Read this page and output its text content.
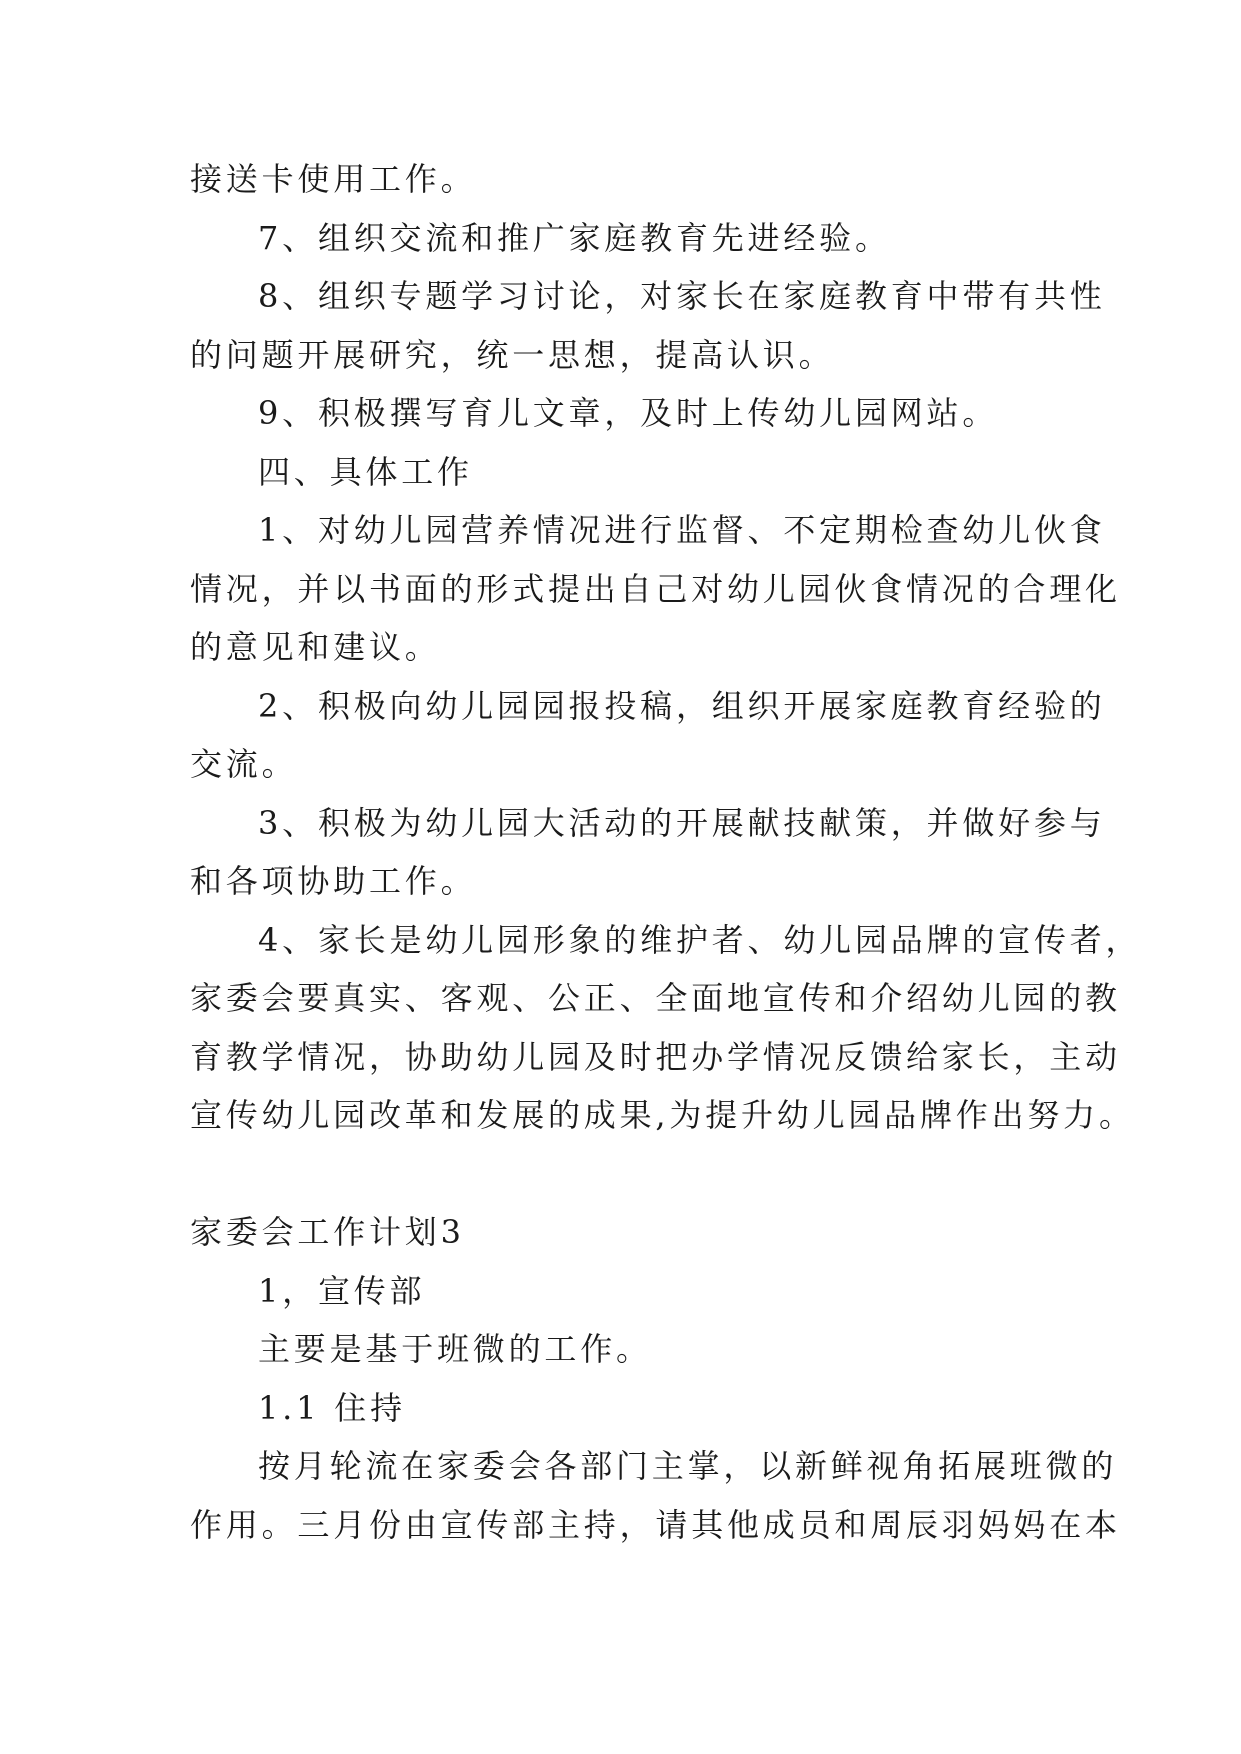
接送卡使用工作。
7、组织交流和推广家庭教育先进经验。
8、组织专题学习讨论，对家长在家庭教育中带有共性
的问题开展研究，统一思想，提高认识。
9、积极撰写育儿文章，及时上传幼儿园网站。
四、具体工作
1、对幼儿园营养情况进行监督、不定期检查幼儿伙食
情况，并以书面的形式提出自己对幼儿园伙食情况的合理化
的意见和建议。
2、积极向幼儿园园报投稿，组织开展家庭教育经验的
交流。
3、积极为幼儿园大活动的开展献技献策，并做好参与
和各项协助工作。
4、家长是幼儿园形象的维护者、幼儿园品牌的宣传者，
家委会要真实、客观、公正、全面地宣传和介绍幼儿园的教
育教学情况，协助幼儿园及时把办学情况反馈给家长，主动
宣传幼儿园改革和发展的成果,为提升幼儿园品牌作出努力。
家委会工作计划3
1，宣传部
主要是基于班微的工作。
1.1 住持
按月轮流在家委会各部门主掌，以新鲜视角拓展班微的
作用。三月份由宣传部主持，请其他成员和周辰羽妈妈在本
